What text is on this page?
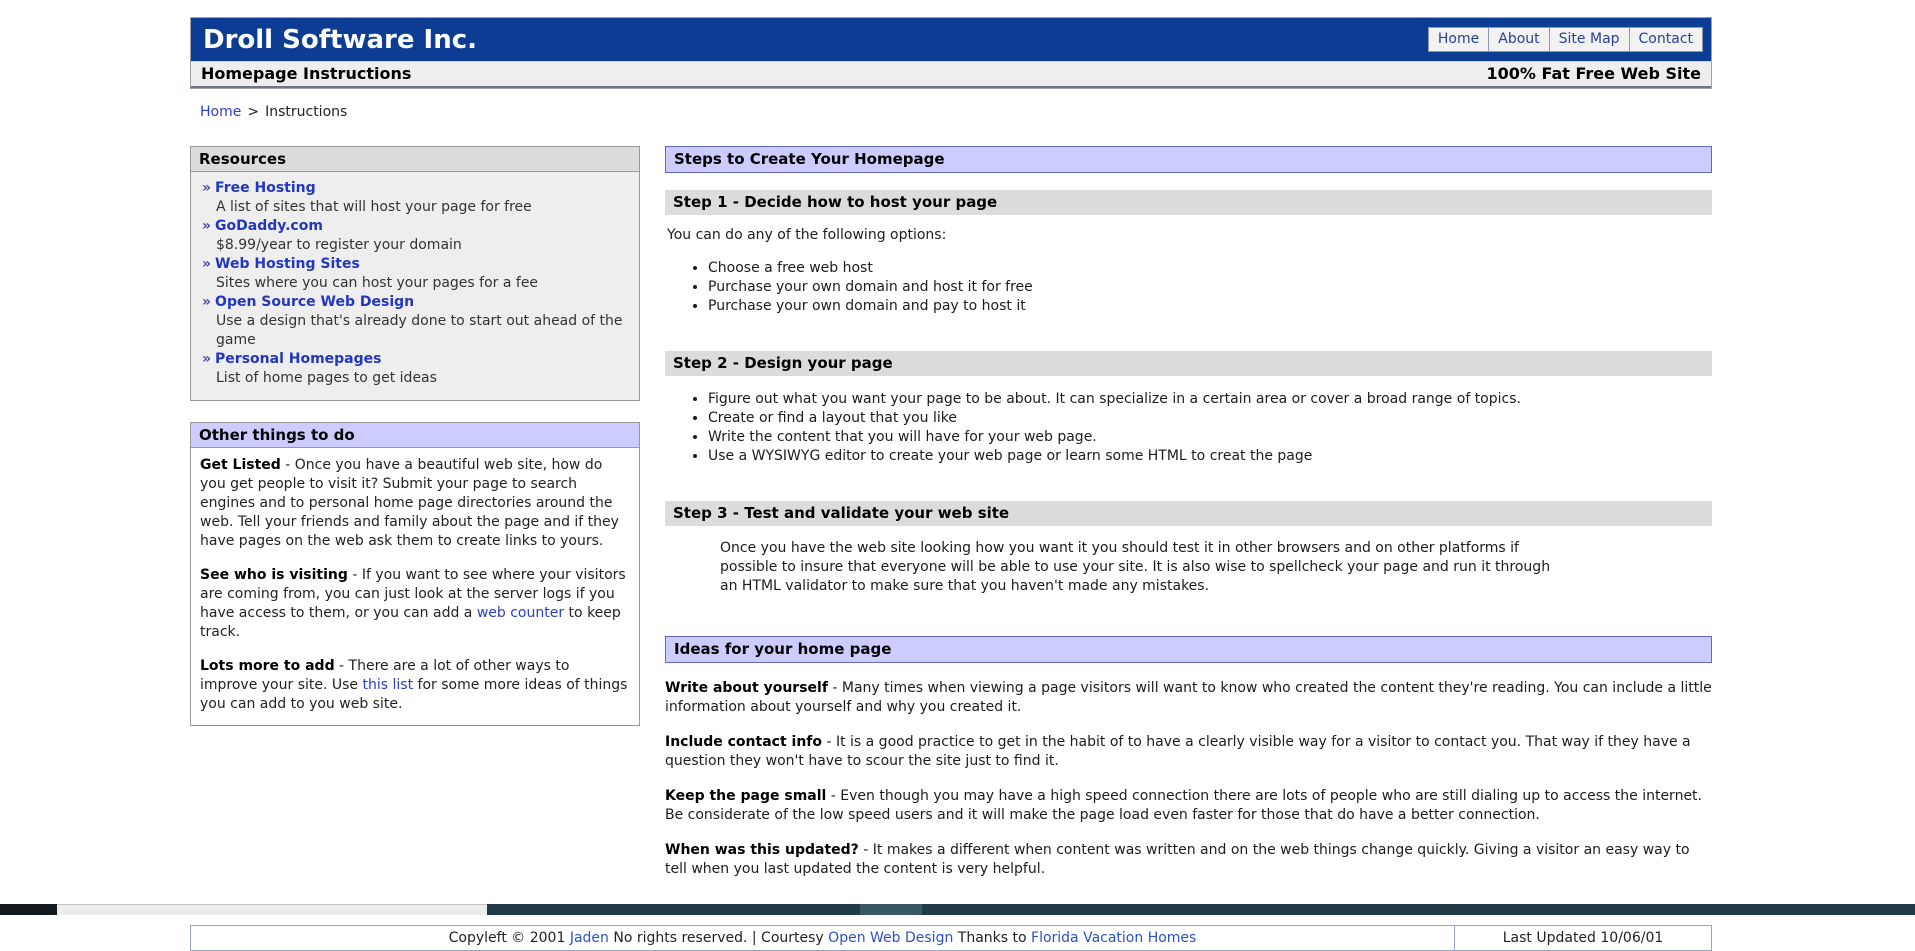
Droll Software Inc.	Home	About	Site Map	Contact
Homepage Instructions	100% Fat Free Web Site
Home > Instructions
Resources
» Free Hosting
A list of sites that will host your page for free
» GoDaddy.com
$8.99/year to register your domain
» Web Hosting Sites
Sites where you can host your pages for a fee
» Open Source Web Design
Use a design that's already done to start out ahead of the game
» Personal Homepages
List of home pages to get ideas
Other things to do

Get Listed - Once you have a beautiful web site, how do you get people to visit it? Submit your page to search engines and to personal home page directories around the web. Tell your friends and family about the page and if they have pages on the web ask them to create links to yours.

See who is visiting - If you want to see where your visitors are coming from, you can just look at the server logs if you have access to them, or you can add a web counter to keep track.

Lots more to add - There are a lot of other ways to improve your site. Use this list for some more ideas of things you can add to you web site.

Steps to Create Your Homepage
Step 1 - Decide how to host your page

You can do any of the following options:

• Choose a free web host
• Purchase your own domain and host it for free
• Purchase your own domain and pay to host it
Step 2 - Design your page
• Figure out what you want your page to be about. It can specialize in a certain area or cover a broad range of topics.
• Create or find a layout that you like
• Write the content that you will have for your web page.
• Use a WYSIWYG editor to create your web page or learn some HTML to creat the page
Step 3 - Test and validate your web site

Once you have the web site looking how you want it you should test it in other browsers and on other platforms if possible to insure that everyone will be able to use your site. It is also wise to spellcheck your page and run it through an HTML validator to make sure that you haven't made any mistakes.

Ideas for your home page

Write about yourself - Many times when viewing a page visitors will want to know who created the content they're reading. You can include a little information about yourself and why you created it.

Include contact info - It is a good practice to get in the habit of to have a clearly visible way for a visitor to contact you. That way if they have a question they won't have to scour the site just to find it.

Keep the page small - Even though you may have a high speed connection there are lots of people who are still dialing up to access the internet. Be considerate of the low speed users and it will make the page load even faster for those that do have a better connection.

When was this updated? - It makes a different when content was written and on the web things change quickly. Giving a visitor an easy way to tell when you last updated the content is very helpful.

Copyleft © 2001 Jaden No rights reserved. | Courtesy Open Web Design Thanks to Florida Vacation Homes	Last Updated 10/06/01
